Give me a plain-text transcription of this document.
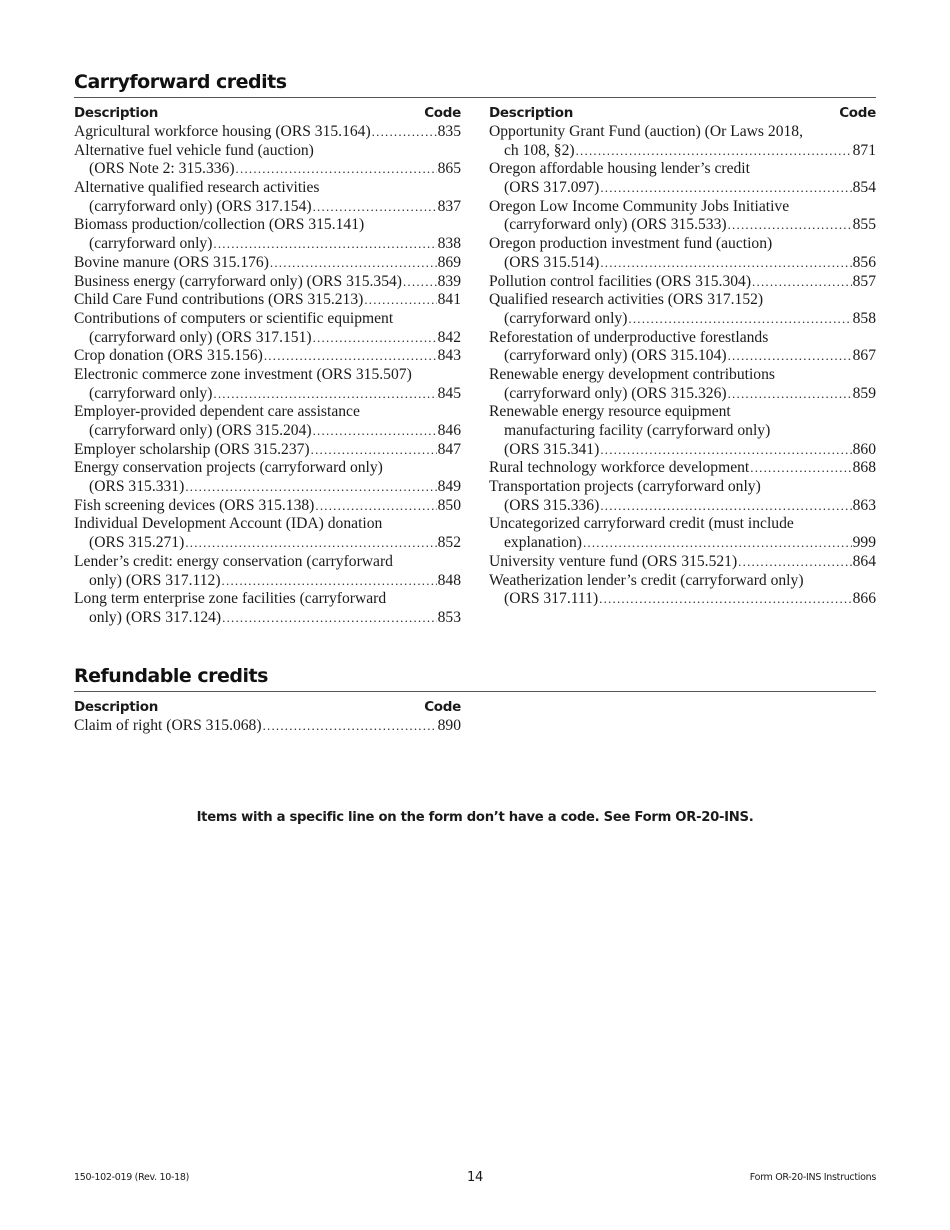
Carryforward credits
Description	Code
Agricultural workforce housing (ORS 315.164) .....	835
Alternative fuel vehicle fund (auction)
(ORS Note 2: 315.336) .....	865
Alternative qualified research activities
(carryforward only) (ORS 317.154) .....	837
Biomass production/collection (ORS 315.141)
(carryforward only) .....	838
Bovine manure (ORS 315.176) .....	869
Business energy (carryforward only) (ORS 315.354) ..... 839
Child Care Fund contributions (ORS 315.213) .....	841
Contributions of computers or scientific equipment
(carryforward only) (ORS 317.151) .....	842
Crop donation (ORS 315.156) .....	843
Electronic commerce zone investment (ORS 315.507)
(carryforward only) .....	845
Employer-provided dependent care assistance
(carryforward only) (ORS 315.204) .....	846
Employer scholarship (ORS 315.237) .....	847
Energy conservation projects (carryforward only)
(ORS 315.331) .....	849
Fish screening devices (ORS 315.138) .....	850
Individual Development Account (IDA) donation
(ORS 315.271) .....	852
Lender’s credit: energy conservation (carryforward
only) (ORS 317.112) .....	848
Long term enterprise zone facilities (carryforward
only) (ORS 317.124) .....	853
Description	Code
Opportunity Grant Fund (auction) (Or Laws 2018,
ch 108, §2) .....	871
Oregon affordable housing lender’s credit
(ORS 317.097) .....	854
Oregon Low Income Community Jobs Initiative
(carryforward only) (ORS 315.533) .....	855
Oregon production investment fund (auction)
(ORS 315.514) .....	856
Pollution control facilities (ORS 315.304) .....	857
Qualified research activities (ORS 317.152)
(carryforward only) .....	858
Reforestation of underproductive forestlands
(carryforward only) (ORS 315.104) .....	867
Renewable energy development contributions
(carryforward only) (ORS 315.326) .....	859
Renewable energy resource equipment
manufacturing facility (carryforward only)
(ORS 315.341) .....	860
Rural technology workforce development .....	868
Transportation projects (carryforward only)
(ORS 315.336) .....	863
Uncategorized carryforward credit (must include
explanation) .....	999
University venture fund (ORS 315.521) .....	864
Weatherization lender’s credit (carryforward only)
(ORS 317.111) .....	866
Refundable credits
Description	Code
Claim of right (ORS 315.068) .....	890
Items with a specific line on the form don’t have a code. See Form OR-20-INS.
150-102-019 (Rev. 10-18)	14	Form OR-20-INS Instructions
